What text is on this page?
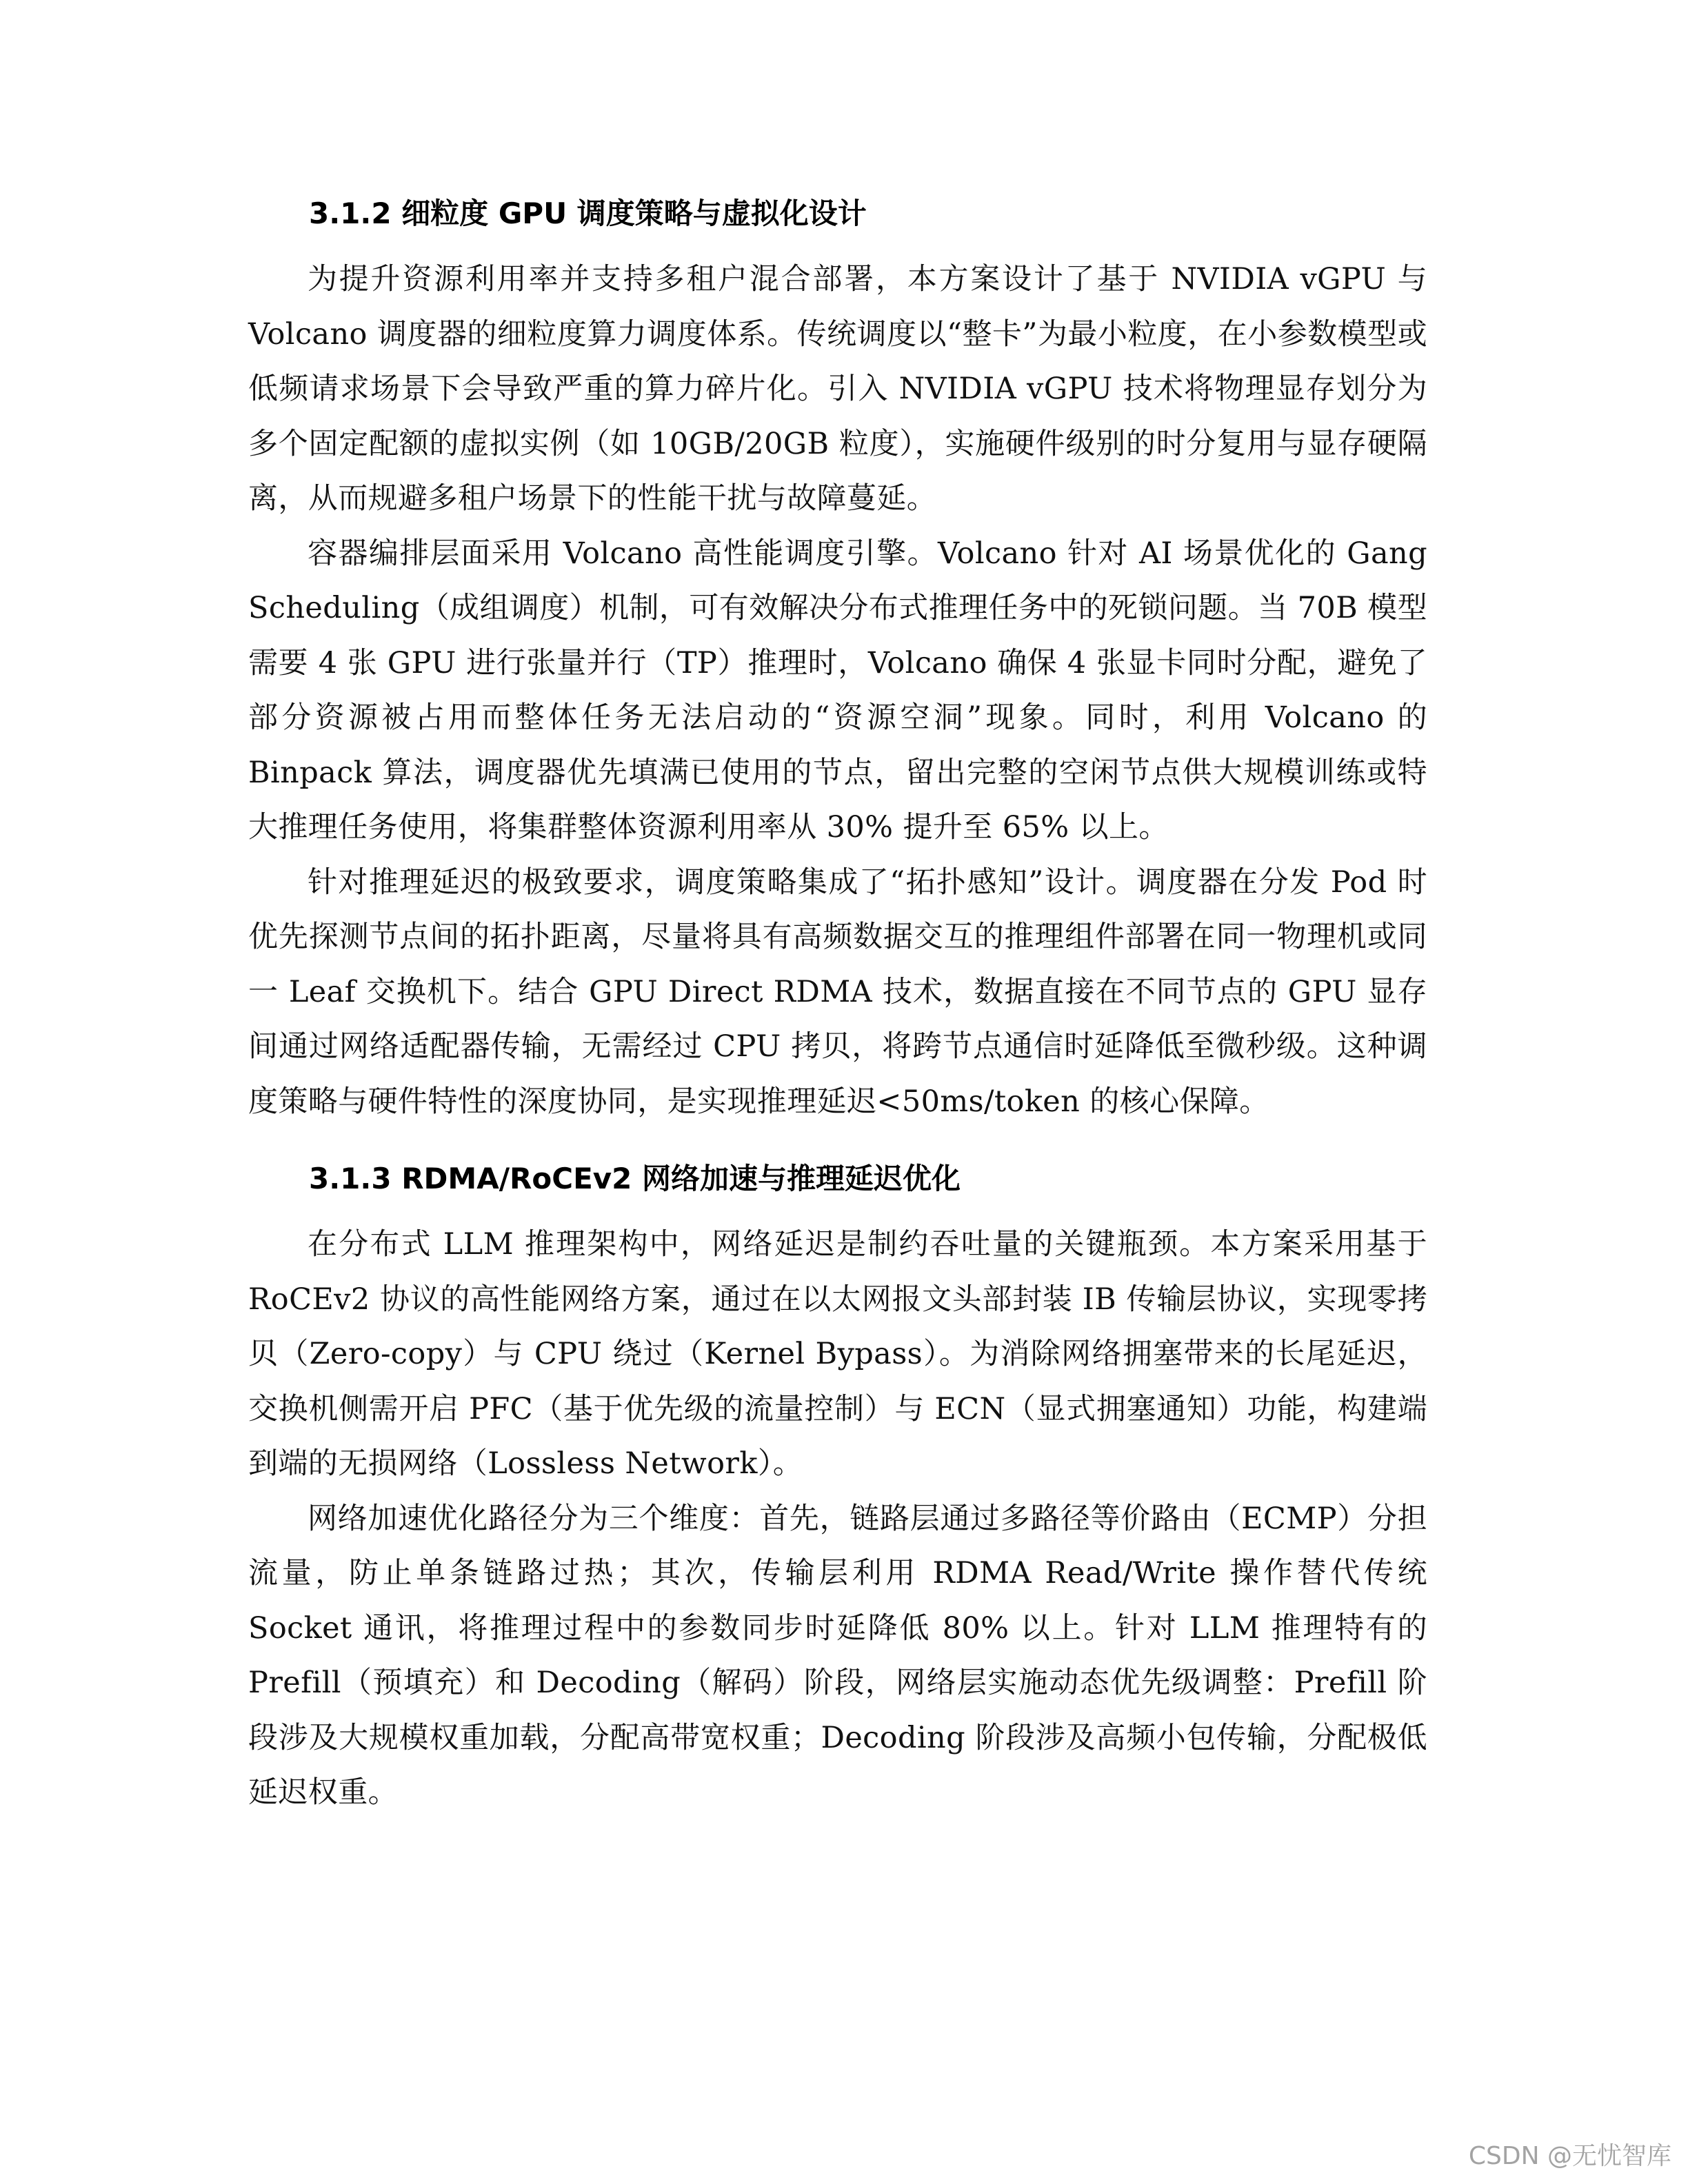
3.1.2 细粒度 GPU 调度策略与虚拟化设计

为提升资源利用率并支持多租户混合部署，本方案设计了基于 NVIDIA vGPU 与 Volcano 调度器的细粒度算力调度体系。传统调度以“整卡”为最小粒度，在小参数模型或低频请求场景下会导致严重的算力碎片化。引入 NVIDIA vGPU 技术将物理显存划分为多个固定配额的虚拟实例（如 10GB/20GB 粒度），实施硬件级别的时分复用与显存硬隔离，从而规避多租户场景下的性能干扰与故障蔓延。

容器编排层面采用 Volcano 高性能调度引擎。Volcano 针对 AI 场景优化的 Gang Scheduling（成组调度）机制，可有效解决分布式推理任务中的死锁问题。当 70B 模型需要 4 张 GPU 进行张量并行（TP）推理时，Volcano 确保 4 张显卡同时分配，避免了部分资源被占用而整体任务无法启动的“资源空洞”现象。同时，利用 Volcano 的 Binpack 算法，调度器优先填满已使用的节点，留出完整的空闲节点供大规模训练或特大推理任务使用，将集群整体资源利用率从 30% 提升至 65% 以上。

针对推理延迟的极致要求，调度策略集成了“拓扑感知”设计。调度器在分发 Pod 时优先探测节点间的拓扑距离，尽量将具有高频数据交互的推理组件部署在同一物理机或同一 Leaf 交换机下。结合 GPU Direct RDMA 技术，数据直接在不同节点的 GPU 显存间通过网络适配器传输，无需经过 CPU 拷贝，将跨节点通信时延降低至微秒级。这种调度策略与硬件特性的深度协同，是实现推理延迟<50ms/token 的核心保障。

3.1.3 RDMA/RoCEv2 网络加速与推理延迟优化

在分布式 LLM 推理架构中，网络延迟是制约吞吐量的关键瓶颈。本方案采用基于 RoCEv2 协议的高性能网络方案，通过在以太网报文头部封装 IB 传输层协议，实现零拷贝（Zero-copy）与 CPU 绕过（Kernel Bypass）。为消除网络拥塞带来的长尾延迟，交换机侧需开启 PFC（基于优先级的流量控制）与 ECN（显式拥塞通知）功能，构建端到端的无损网络（Lossless Network）。

网络加速优化路径分为三个维度：首先，链路层通过多路径等价路由（ECMP）分担流量，防止单条链路过热；其次，传输层利用 RDMA Read/Write 操作替代传统 Socket 通讯，将推理过程中的参数同步时延降低 80% 以上。针对 LLM 推理特有的 Prefill（预填充）和 Decoding（解码）阶段，网络层实施动态优先级调整：Prefill 阶段涉及大规模权重加载，分配高带宽权重；Decoding 阶段涉及高频小包传输，分配极低延迟权重。

CSDN @无忧智库
